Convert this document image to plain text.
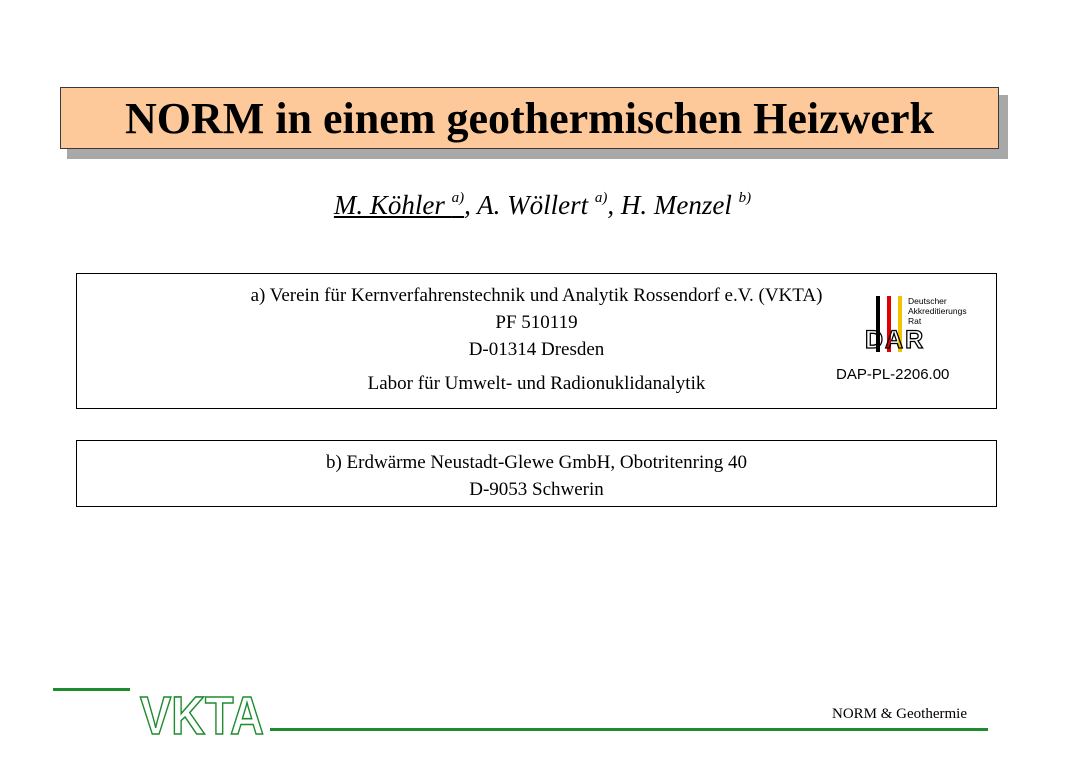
NORM in einem geothermischen Heizwerk
M. Köhler $^{a)}$, A. Wöllert $^{a)}$, H. Menzel $^{b)}$
a) Verein für Kernverfahrenstechnik und Analytik Rossendorf e.V. (VKTA)
PF 510119
D-01314 Dresden
Labor für Umwelt- und Radionuklidanalytik
Deutscher
Akkreditierungs
Rat
DAR
DAP-PL-2206.00
b) Erdwärme Neustadt-Glewe GmbH, Obotritenring 40
D-9053 Schwerin
VKTA	NORM & Geothermie
